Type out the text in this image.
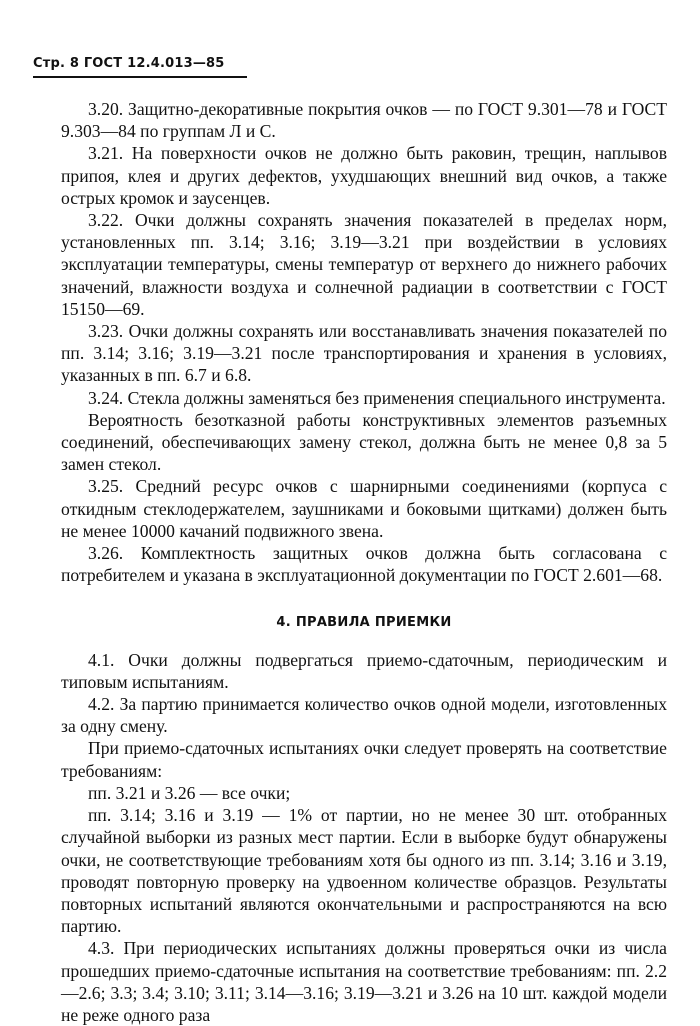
Стр. 8 ГОСТ 12.4.013—85

3.20. Защитно-декоративные покрытия очков — по ГОСТ 9.301—78 и ГОСТ 9.303—84 по группам Л и С.

3.21. На поверхности очков не должно быть раковин, трещин, наплывов припоя, клея и других дефектов, ухудшающих внешний вид очков, а также острых кромок и заусенцев.

3.22. Очки должны сохранять значения показателей в пределах норм, установленных пп. 3.14; 3.16; 3.19—3.21 при воздействии в условиях эксплуатации температуры, смены температур от верхнего до нижнего рабочих значений, влажности воздуха и солнечной радиации в соответствии с ГОСТ 15150—69.

3.23. Очки должны сохранять или восстанавливать значения показателей по пп. 3.14; 3.16; 3.19—3.21 после транспортирования и хранения в условиях, указанных в пп. 6.7 и 6.8.

3.24. Стекла должны заменяться без применения специального инструмента.

Вероятность безотказной работы конструктивных элементов разъемных соединений, обеспечивающих замену стекол, должна быть не менее 0,8 за 5 замен стекол.

3.25. Средний ресурс очков с шарнирными соединениями (корпуса с откидным стеклодержателем, заушниками и боковыми щитками) должен быть не менее 10000 качаний подвижного звена.

3.26. Комплектность защитных очков должна быть согласована с потребителем и указана в эксплуатационной документации по ГОСТ 2.601—68.

4. ПРАВИЛА ПРИЕМКИ

4.1. Очки должны подвергаться приемо-сдаточным, периодическим и типовым испытаниям.

4.2. За партию принимается количество очков одной модели, изготовленных за одну смену.

При приемо-сдаточных испытаниях очки следует проверять на соответствие требованиям:

пп. 3.21 и 3.26 — все очки;

пп. 3.14; 3.16 и 3.19 — 1% от партии, но не менее 30 шт. отобранных случайной выборки из разных мест партии. Если в выборке будут обнаружены очки, не соответствующие требованиям хотя бы одного из пп. 3.14; 3.16 и 3.19, проводят повторную проверку на удвоенном количестве образцов. Результаты повторных испытаний являются окончательными и распространяются на всю партию.

4.3. При периодических испытаниях должны проверяться очки из числа прошедших приемо-сдаточные испытания на соответствие требованиям: пп. 2.2—2.6; 3.3; 3.4; 3.10; 3.11; 3.14—3.16; 3.19—3.21 и 3.26 на 10 шт. каждой модели не реже одного раза
